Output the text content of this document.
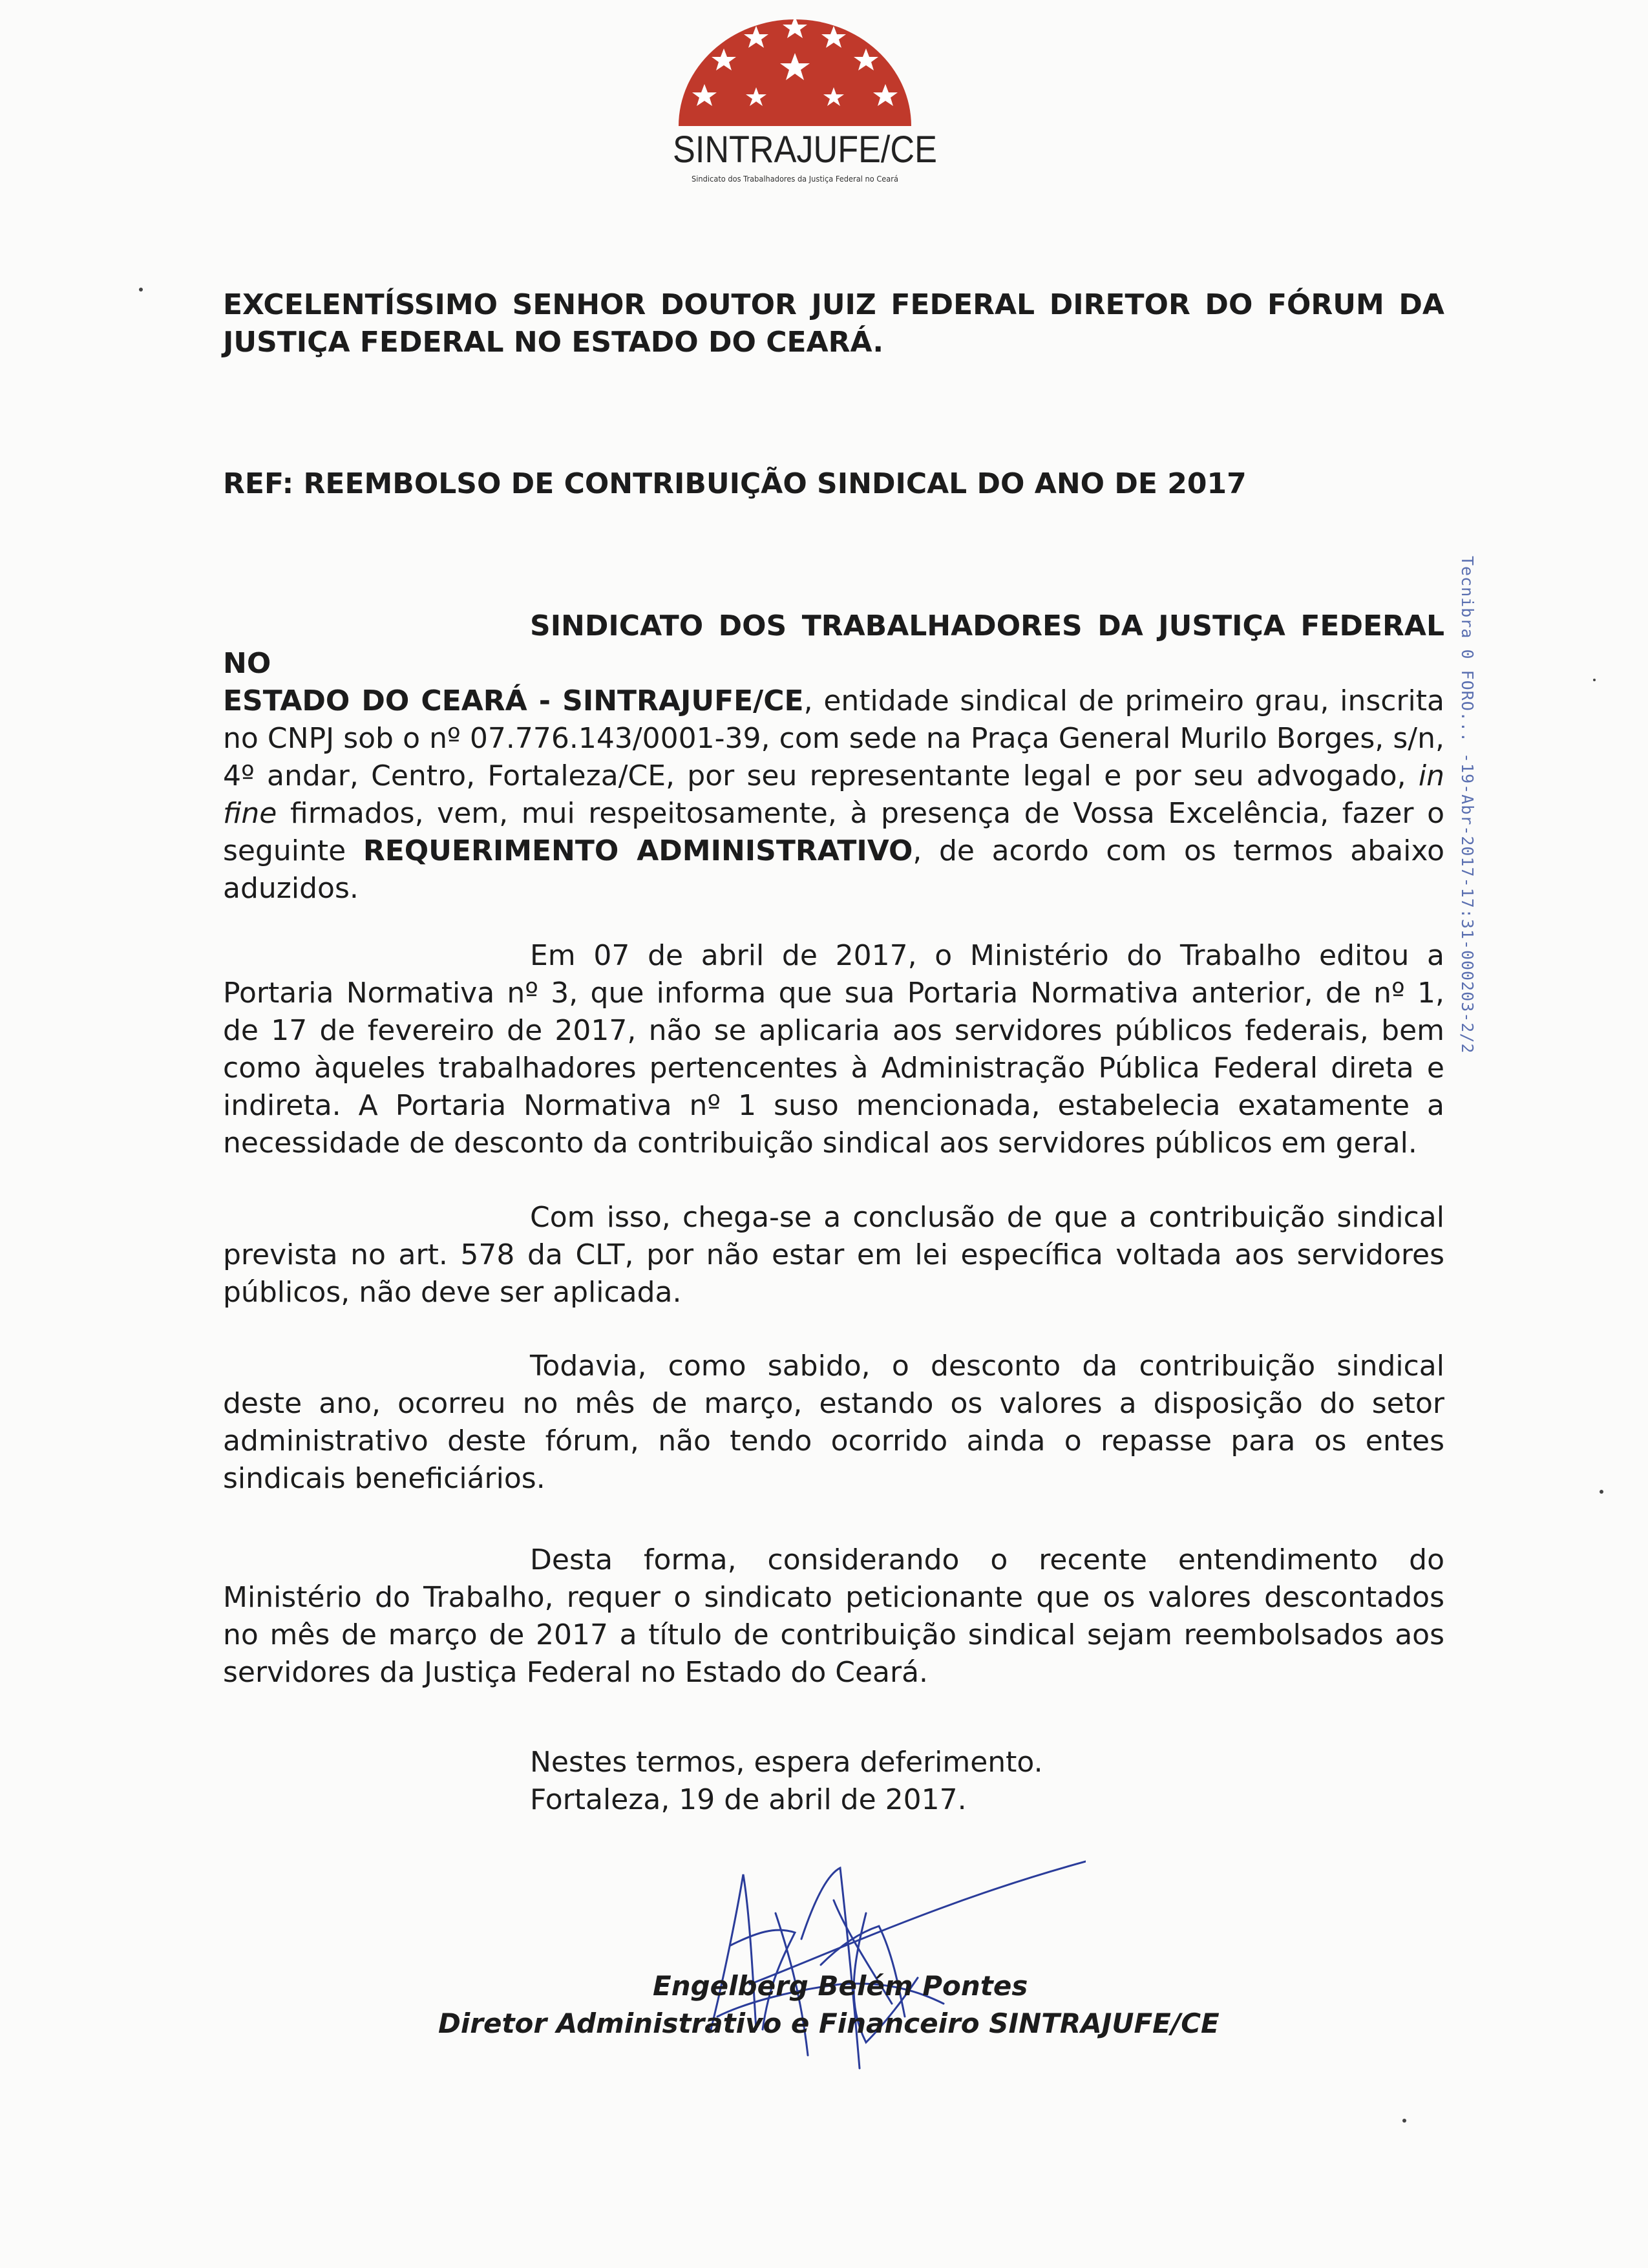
SINTRAJUFE/CE
Sindicato dos Trabalhadores da Justiça Federal no Ceará
EXCELENTÍSSIMO SENHOR DOUTOR JUIZ FEDERAL DIRETOR DO FÓRUM DA
JUSTIÇA FEDERAL NO ESTADO DO CEARÁ.
REF: REEMBOLSO DE CONTRIBUIÇÃO SINDICAL DO ANO DE 2017
SINDICATO DOS TRABALHADORES DA JUSTIÇA FEDERAL NO
ESTADO DO CEARÁ - SINTRAJUFE/CE, entidade sindical de primeiro grau, inscrita no CNPJ sob o nº 07.776.143/0001-39, com sede na Praça General Murilo Borges, s/n, 4º andar, Centro, Fortaleza/CE, por seu representante legal e por seu advogado, in fine firmados, vem, mui respeitosamente, à presença de Vossa Excelência, fazer o seguinte REQUERIMENTO ADMINISTRATIVO, de acordo com os termos abaixo aduzidos.
Em 07 de abril de 2017, o Ministério do Trabalho editou a Portaria Normativa nº 3, que informa que sua Portaria Normativa anterior, de nº 1, de 17 de fevereiro de 2017, não se aplicaria aos servidores públicos federais, bem como àqueles trabalhadores pertencentes à Administração Pública Federal direta e indireta. A Portaria Normativa nº 1 suso mencionada, estabelecia exatamente a necessidade de desconto da contribuição sindical aos servidores públicos em geral.
Com isso, chega-se a conclusão de que a contribuição sindical prevista no art. 578 da CLT, por não estar em lei específica voltada aos servidores públicos, não deve ser aplicada.
Todavia, como sabido, o desconto da contribuição sindical deste ano, ocorreu no mês de março, estando os valores a disposição do setor administrativo deste fórum, não tendo ocorrido ainda o repasse para os entes sindicais beneficiários.
Desta forma, considerando o recente entendimento do Ministério do Trabalho, requer o sindicato peticionante que os valores descontados no mês de março de 2017 a título de contribuição sindical sejam reembolsados aos servidores da Justiça Federal no Estado do Ceará.
Nestes termos, espera deferimento.
Fortaleza, 19 de abril de 2017.
Engelberg Belém Pontes
Diretor Administrativo e Financeiro SINTRAJUFE/CE
Tecnibra 0 FORO... -19-Abr-2017-17:31-000203-2/2
